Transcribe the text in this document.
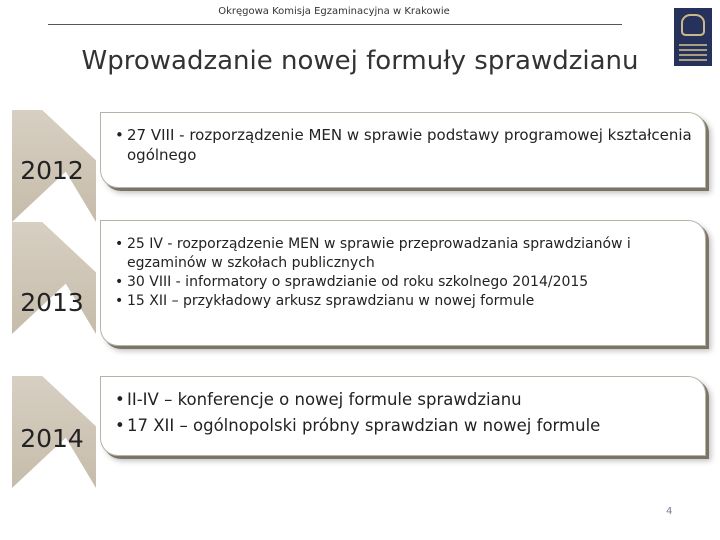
Okręgowa Komisja Egzaminacyjna w Krakowie
Wprowadzanie nowej formuły sprawdzianu
2012
• 27 VIII - rozporządzenie MEN w sprawie podstawy programowej kształcenia ogólnego
2013
• 25 IV - rozporządzenie MEN w sprawie przeprowadzania sprawdzianów i egzaminów w szkołach publicznych
• 30 VIII - informatory o sprawdzianie od roku szkolnego 2014/2015
• 15 XII – przykładowy arkusz sprawdzianu w nowej formule
2014
• II-IV – konferencje o nowej formule sprawdzianu
• 17 XII – ogólnopolski próbny sprawdzian w nowej formule
4
